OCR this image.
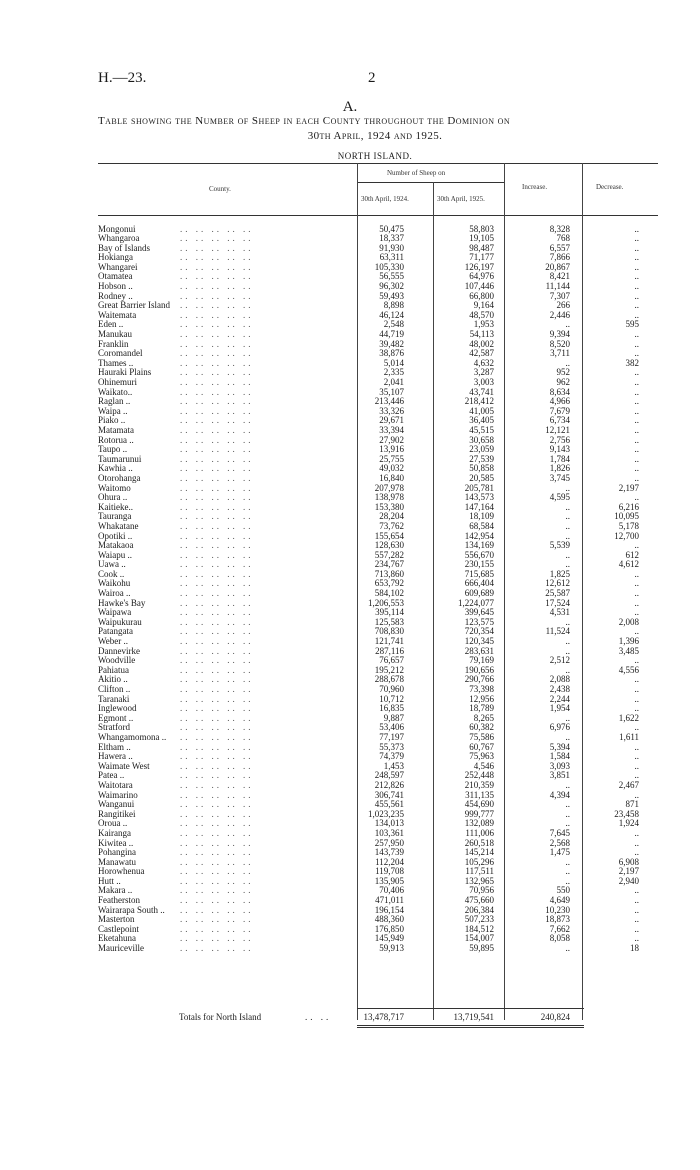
H.—23.	2
A.
Table showing the Number of Sheep in each County throughout the Dominion on
30th April, 1924 and 1925.
NORTH ISLAND.
County.
Number of Sheep on
30th April, 1924.	30th April, 1925.
Increase.	Decrease.
Mongonui	.. .. .. .. ..	50,475	58,803	8,328	..
Whangaroa	.. .. .. .. ..	18,337	19,105	768	..
Bay of Islands	.. .. .. .. ..	91,930	98,487	6,557	..
Hokianga	.. .. .. .. ..	63,311	71,177	7,866	..
Whangarei	.. .. .. .. ..	105,330	126,197	20,867	..
Otamatea	.. .. .. .. ..	56,555	64,976	8,421	..
Hobson ..	.. .. .. .. ..	96,302	107,446	11,144	..
Rodney ..	.. .. .. .. ..	59,493	66,800	7,307	..
Great Barrier Island .. .. .. .. ..	8,898	9,164	266	..
Waitemata	.. .. .. .. ..	46,124	48,570	2,446	..
Eden ..	.. .. .. .. ..	2,548	1,953	..	595
Manukau	.. .. .. .. ..	44,719	54,113	9,394	..
Franklin	.. .. .. .. ..	39,482	48,002	8,520	..
Coromandel	.. .. .. .. ..	38,876	42,587	3,711	..
Thames ..	.. .. .. .. ..	5,014	4,632	..	382
Hauraki Plains	.. .. .. .. ..	2,335	3,287	952	..
Ohinemuri	.. .. .. .. ..	2,041	3,003	962	..
Waikato..	.. .. .. .. ..	35,107	43,741	8,634	..
Raglan ..	.. .. .. .. ..	213,446	218,412	4,966	..
Waipa ..	.. .. .. .. ..	33,326	41,005	7,679	..
Piako ..	.. .. .. .. ..	29,671	36,405	6,734	..
Matamata	.. .. .. .. ..	33,394	45,515	12,121	..
Rotorua ..	.. .. .. .. ..	27,902	30,658	2,756	..
Taupo ..	.. .. .. .. ..	13,916	23,059	9,143	..
Taumarunui	.. .. .. .. ..	25,755	27,539	1,784	..
Kawhia ..	.. .. .. .. ..	49,032	50,858	1,826	..
Otorohanga	.. .. .. .. ..	16,840	20,585	3,745	..
Waitomo	.. .. .. .. ..	207,978	205,781	..	2,197
Ohura ..	.. .. .. .. ..	138,978	143,573	4,595	..
Kaitieke..	.. .. .. .. ..	153,380	147,164	..	6,216
Tauranga	.. .. .. .. ..	28,204	18,109	..	10,095
Whakatane	.. .. .. .. ..	73,762	68,584	..	5,178
Opotiki ..	.. .. .. .. ..	155,654	142,954	..	12,700
Matakaoa	.. .. .. .. ..	128,630	134,169	5,539	..
Waiapu ..	.. .. .. .. ..	557,282	556,670	..	612
Uawa ..	.. .. .. .. ..	234,767	230,155	..	4,612
Cook ..	.. .. .. .. ..	713,860	715,685	1,825	..
Waikohu	.. .. .. .. ..	653,792	666,404	12,612	..
Wairoa ..	.. .. .. .. ..	584,102	609,689	25,587	..
Hawke's Bay	.. .. .. .. ..	1,206,553	1,224,077	17,524	..
Waipawa	.. .. .. .. ..	395,114	399,645	4,531	..
Waipukurau	.. .. .. .. ..	125,583	123,575	..	2,008
Patangata	.. .. .. .. ..	708,830	720,354	11,524	..
Weber ..	.. .. .. .. ..	121,741	120,345	..	1,396
Dannevirke	.. .. .. .. ..	287,116	283,631	..	3,485
Woodville	.. .. .. .. ..	76,657	79,169	2,512	..
Pahiatua	.. .. .. .. ..	195,212	190,656	..	4,556
Akitio ..	.. .. .. .. ..	288,678	290,766	2,088	..
Clifton ..	.. .. .. .. ..	70,960	73,398	2,438	..
Taranaki	.. .. .. .. ..	10,712	12,956	2,244	..
Inglewood	.. .. .. .. ..	16,835	18,789	1,954	..
Egmont ..	.. .. .. .. ..	9,887	8,265	..	1,622
Stratford	.. .. .. .. ..	53,406	60,382	6,976	..
Whangamomona .. .. .. .. .. ..	77,197	75,586	..	1,611
Eltham ..	.. .. .. .. ..	55,373	60,767	5,394	..
Hawera ..	.. .. .. .. ..	74,379	75,963	1,584	..
Waimate West	.. .. .. .. ..	1,453	4,546	3,093	..
Patea ..	.. .. .. .. ..	248,597	252,448	3,851	..
Waitotara	.. .. .. .. ..	212,826	210,359	..	2,467
Waimarino	.. .. .. .. ..	306,741	311,135	4,394	..
Wanganui	.. .. .. .. ..	455,561	454,690	..	871
Rangitikei	.. .. .. .. ..	1,023,235	999,777	..	23,458
Oroua ..	.. .. .. .. ..	134,013	132,089	..	1,924
Kairanga	.. .. .. .. ..	103,361	111,006	7,645	..
Kiwitea ..	.. .. .. .. ..	257,950	260,518	2,568	..
Pohangina	.. .. .. .. ..	143,739	145,214	1,475	..
Manawatu	.. .. .. .. ..	112,204	105,296	..	6,908
Horowhenua	.. .. .. .. ..	119,708	117,511	..	2,197
Hutt ..	.. .. .. .. ..	135,905	132,965	..	2,940
Makara ..	.. .. .. .. ..	70,406	70,956	550	..
Featherston	.. .. .. .. ..	471,011	475,660	4,649	..
Wairarapa South .. .. .. .. .. ..	196,154	206,384	10,230	..
Masterton	.. .. .. .. ..	488,360	507,233	18,873	..
Castlepoint	.. .. .. .. ..	176,850	184,512	7,662	..
Eketahuna	.. .. .. .. ..	145,949	154,007	8,058	..
Mauriceville	.. .. .. .. ..	59,913	59,895	..	18
Totals for North Island	.. ..	13,478,717	13,719,541	240,824
